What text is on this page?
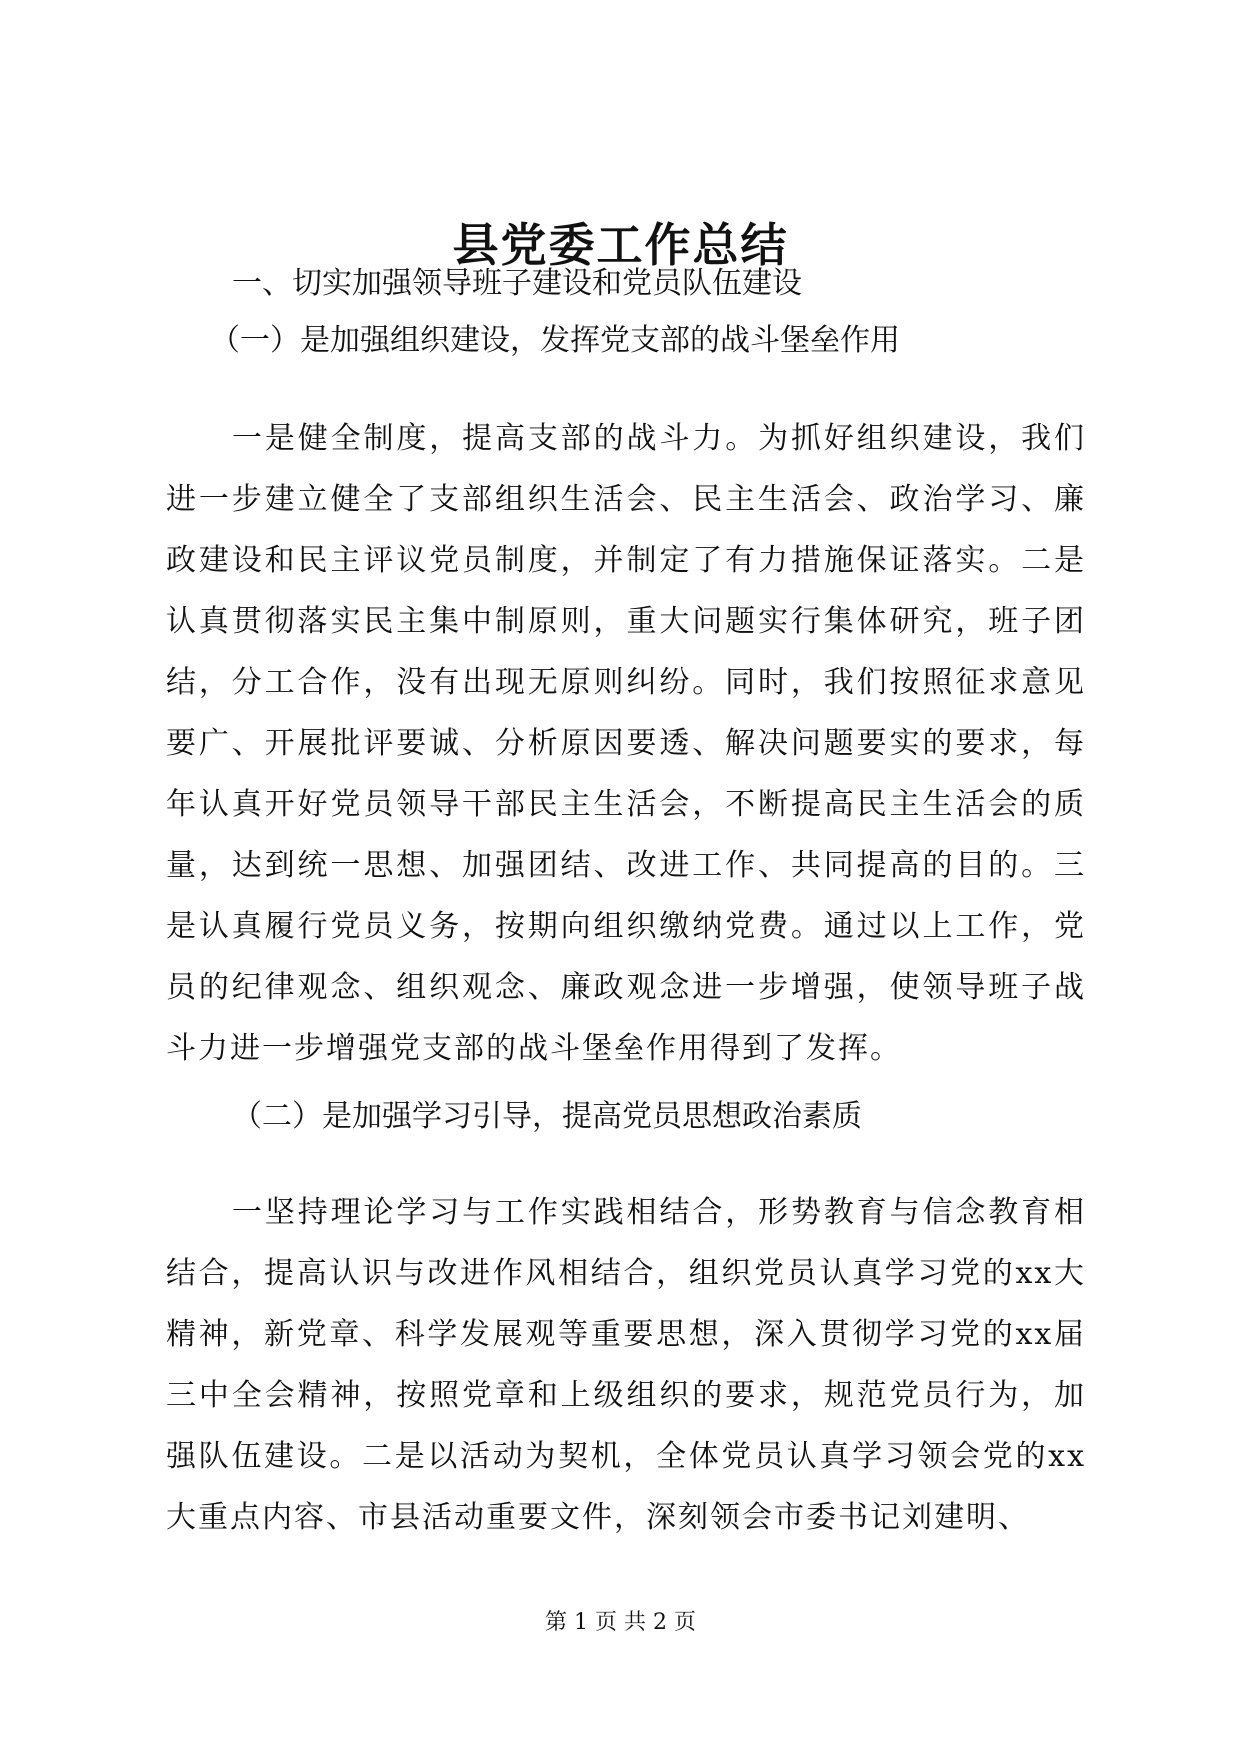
县党委工作总结
一、切实加强领导班子建设和党员队伍建设
（一）是加强组织建设，发挥党支部的战斗堡垒作用
一是健全制度，提高支部的战斗力。为抓好组织建设，我们进一步建立健全了支部组织生活会、民主生活会、政治学习、廉政建设和民主评议党员制度，并制定了有力措施保证落实。二是认真贯彻落实民主集中制原则，重大问题实行集体研究，班子团结，分工合作，没有出现无原则纠纷。同时，我们按照征求意见要广、开展批评要诚、分析原因要透、解决问题要实的要求，每年认真开好党员领导干部民主生活会，不断提高民主生活会的质量，达到统一思想、加强团结、改进工作、共同提高的目的。三是认真履行党员义务，按期向组织缴纳党费。通过以上工作，党员的纪律观念、组织观念、廉政观念进一步增强，使领导班子战斗力进一步增强党支部的战斗堡垒作用得到了发挥。
（二）是加强学习引导，提高党员思想政治素质
一坚持理论学习与工作实践相结合，形势教育与信念教育相结合，提高认识与改进作风相结合，组织党员认真学习党的xx大精神，新党章、科学发展观等重要思想，深入贯彻学习党的xx届三中全会精神，按照党章和上级组织的要求，规范党员行为，加强队伍建设。二是以活动为契机，全体党员认真学习领会党的xx大重点内容、市县活动重要文件，深刻领会市委书记刘建明、
第 1 页 共 2 页
